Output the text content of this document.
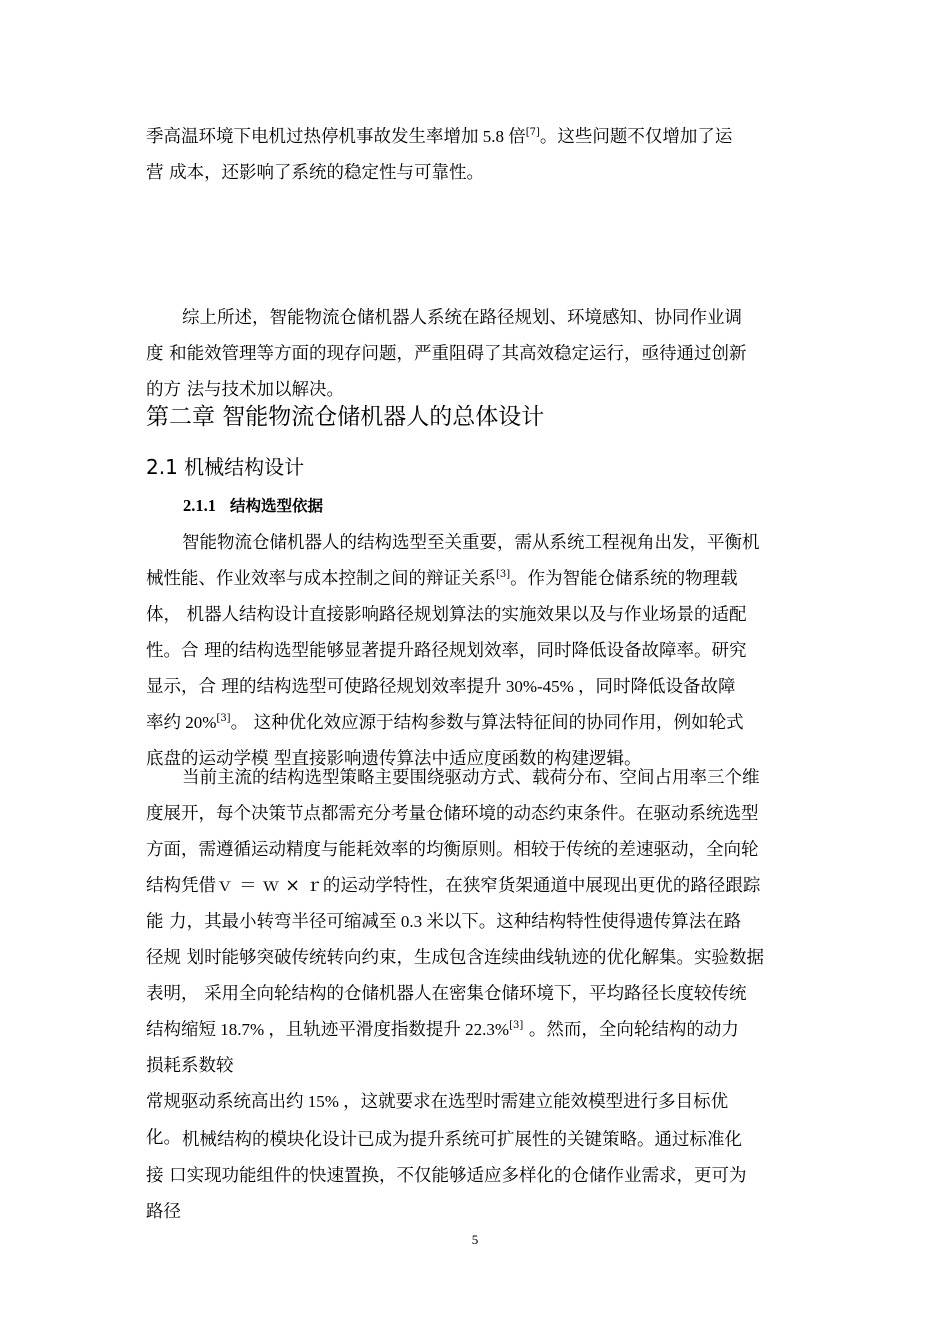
季高温环境下电机过热停机事故发生率增加 5.8 倍[7]。这些问题不仅增加了运
营 成本，还影响了系统的稳定性与可靠性。
综上所述，智能物流仓储机器人系统在路径规划、环境感知、协同作业调
度 和能效管理等方面的现存问题，严重阻碍了其高效稳定运行，亟待通过创新
的方 法与技术加以解决。
第二章 智能物流仓储机器人的总体设计
2.1 机械结构设计
2.1.1 结构选型依据
智能物流仓储机器人的结构选型至关重要，需从系统工程视角出发，平衡机
械性能、作业效率与成本控制之间的辩证关系[3]。作为智能仓储系统的物理载
体， 机器人结构设计直接影响路径规划算法的实施效果以及与作业场景的适配
性。合 理的结构选型能够显著提升路径规划效率，同时降低设备故障率。研究
显示，合 理的结构选型可使路径规划效率提升 30%-45% ，同时降低设备故障
率约 20%[3]。 这种优化效应源于结构参数与算法特征间的协同作用，例如轮式
底盘的运动学模 型直接影响遗传算法中适应度函数的构建逻辑。
当前主流的结构选型策略主要围绕驱动方式、载荷分布、空间占用率三个维
度展开，每个决策节点都需充分考量仓储环境的动态约束条件。在驱动系统选型
方面，需遵循运动精度与能耗效率的均衡原则。相较于传统的差速驱动，全向轮
结构凭借ｖ ＝ ｗ × ｒ的运动学特性，在狭窄货架通道中展现出更优的路径跟踪
能 力，其最小转弯半径可缩减至 0.3 米以下。这种结构特性使得遗传算法在路
径规 划时能够突破传统转向约束，生成包含连续曲线轨迹的优化解集。实验数据
表明， 采用全向轮结构的仓储机器人在密集仓储环境下，平均路径长度较传统
结构缩短 18.7% ，且轨迹平滑度指数提升 22.3%[3] 。然而，全向轮结构的动力
损耗系数较
常规驱动系统高出约 15% ，这就要求在选型时需建立能效模型进行多目标优
化。 机械结构的模块化设计已成为提升系统可扩展性的关键策略。通过标准化
接 口实现功能组件的快速置换，不仅能够适应多样化的仓储作业需求，更可为
路径
5
